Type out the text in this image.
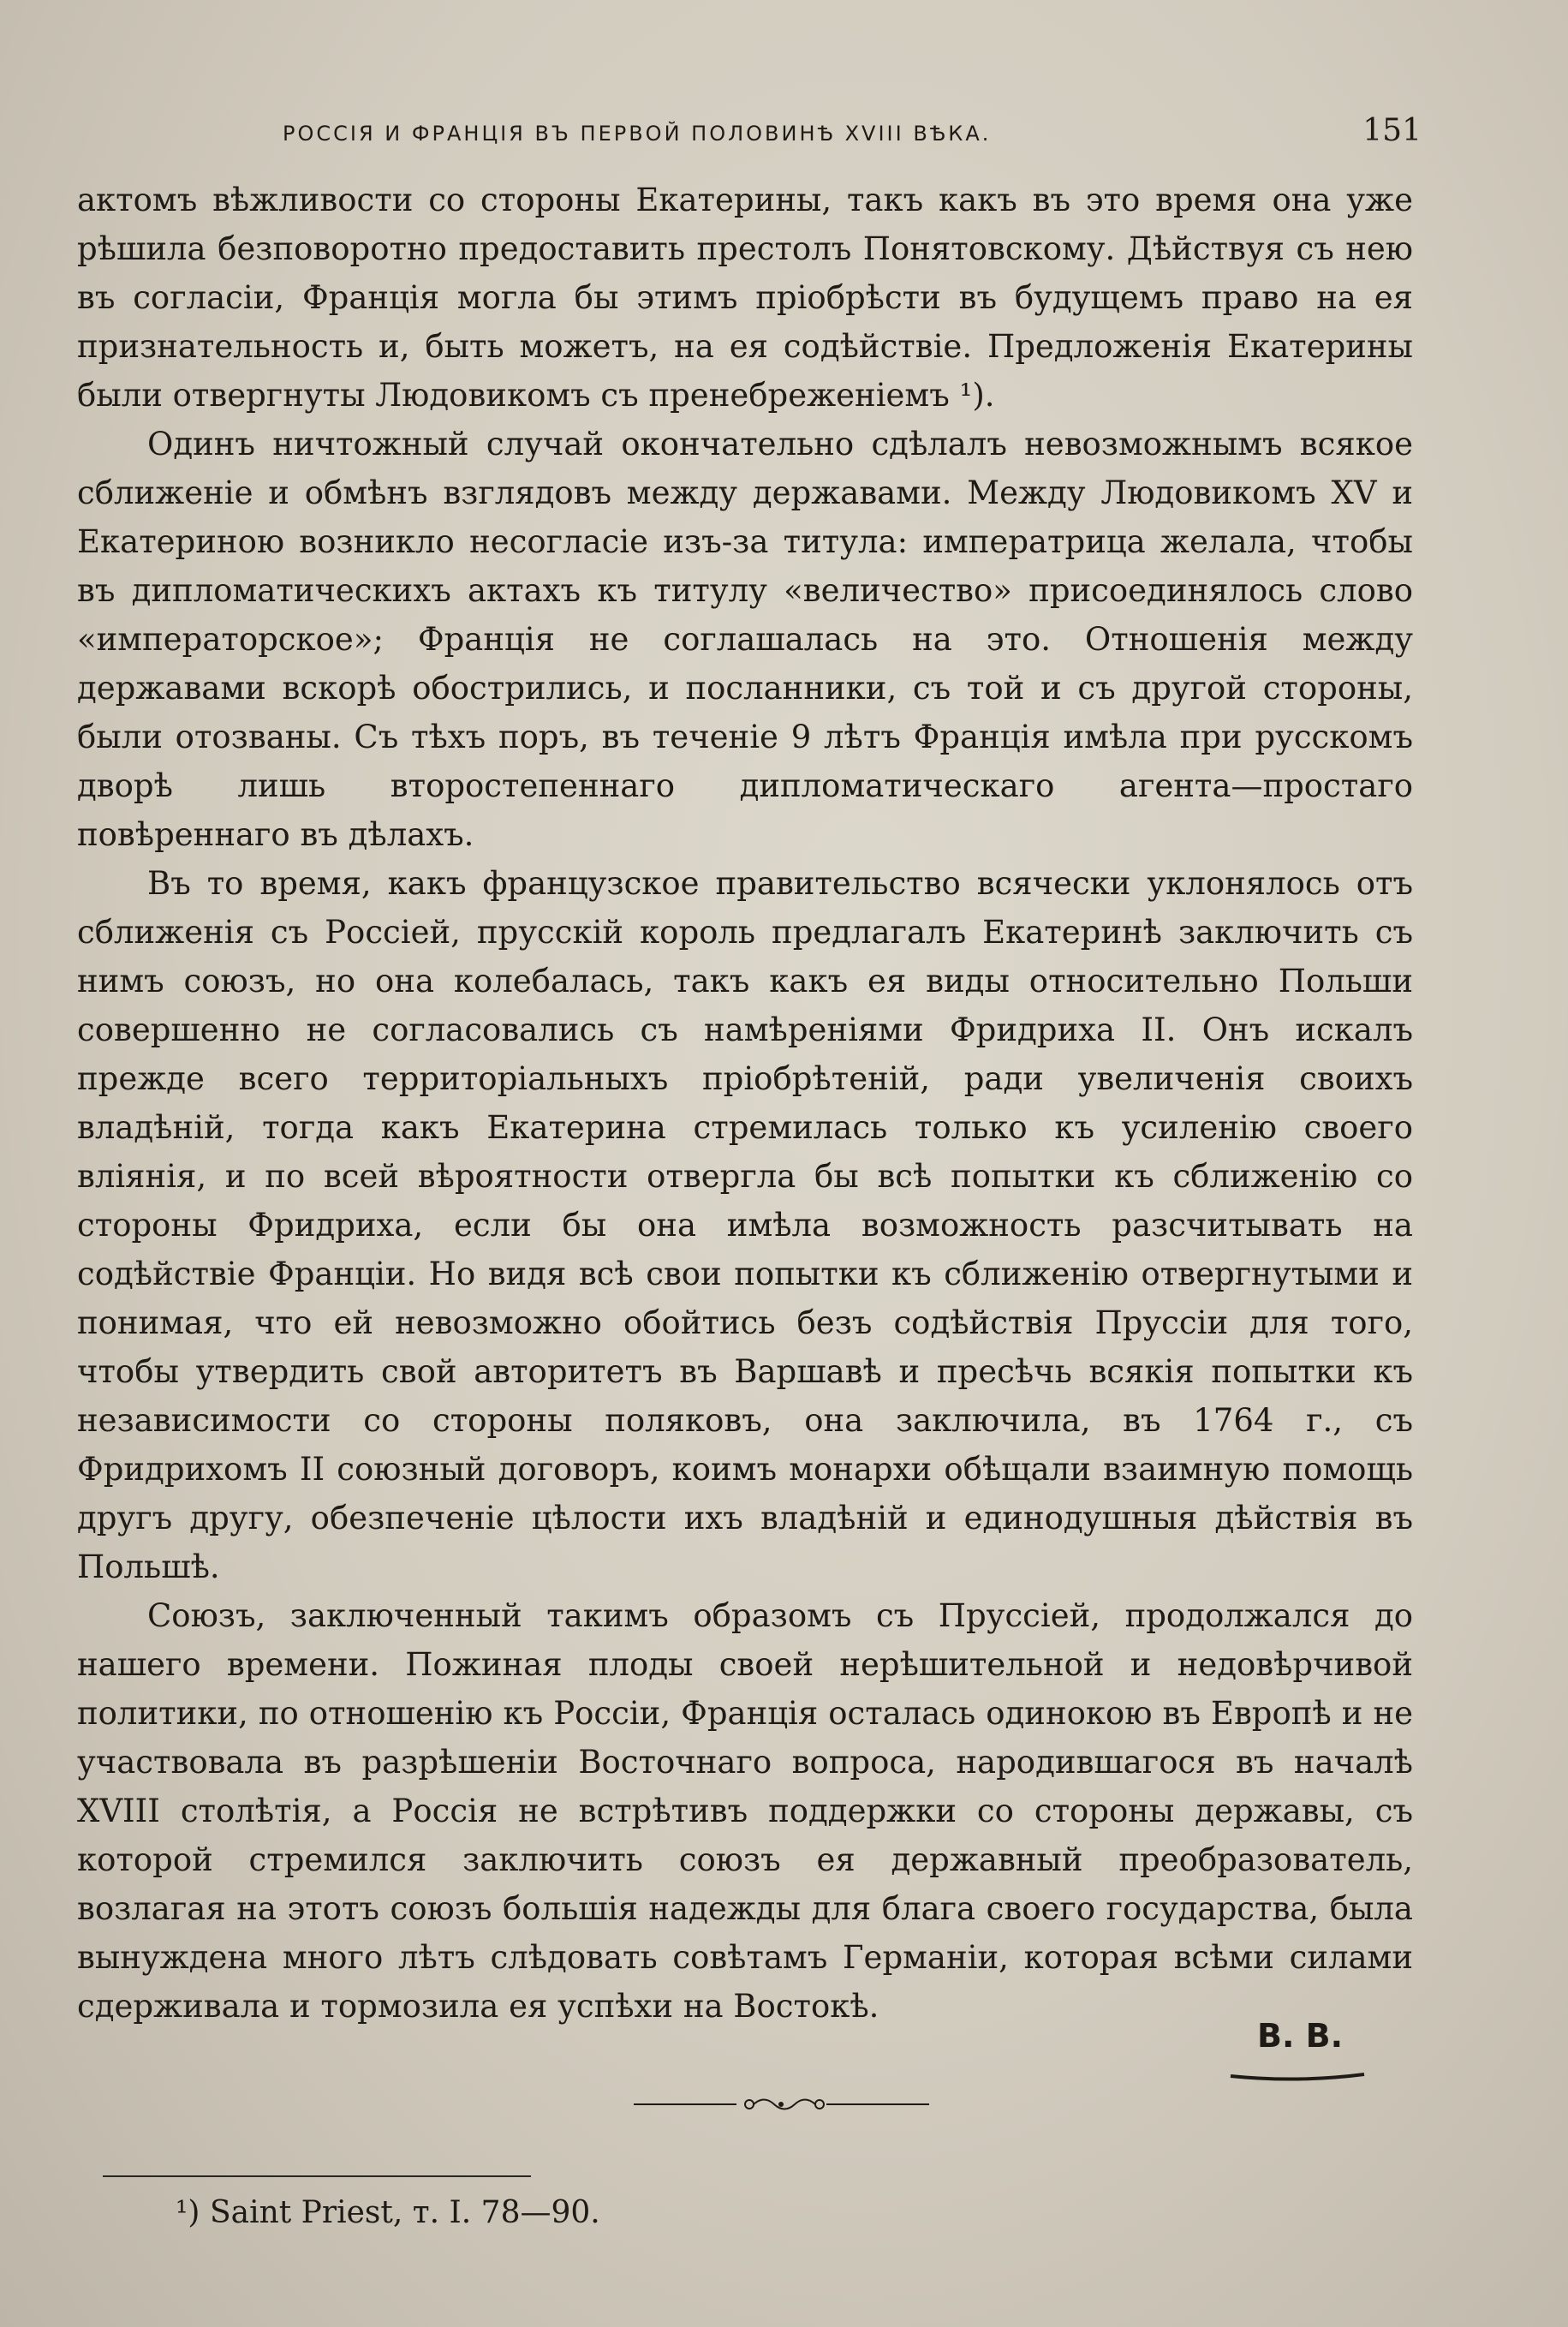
РОССІЯ И ФРАНЦІЯ ВЪ ПЕРВОЙ ПОЛОВИНѢ XVIII ВѢКА.	151

актомъ вѣжливости со стороны Екатерины, такъ какъ въ это время она уже рѣшила безповоротно предоставить престолъ Понятовскому. Дѣйствуя съ нею въ согласіи, Францiя могла бы этимъ пріобрѣсти въ будущемъ право на ея признательность и, быть можетъ, на ея содѣйствіе. Предложенія Екатерины были отвергнуты Людовикомъ съ пренебреженіемъ ¹).

Одинъ ничтожный случай окончательно сдѣлалъ невозможнымъ всякое сближеніе и обмѣнъ взглядовъ между державами. Между Людовикомъ XV и Екатериною возникло несогласіе изъ-за титула: императрица желала, чтобы въ дипломатическихъ актахъ къ титулу «величество» присоединялось слово «императорское»; Францiя не соглашалась на это. Отношенія между державами вскорѣ обострились, и посланники, съ той и съ другой стороны, были отозваны. Съ тѣхъ поръ, въ теченіе 9 лѣтъ Францiя имѣла при русскомъ дворѣ лишь второстепеннаго дипломатическаго агента—простаго повѣреннаго въ дѣлахъ.

Въ то время, какъ французское правительство всячески уклонялось отъ сближенія съ Россіей, прусскій король предлагалъ Екатеринѣ заключить съ нимъ союзъ, но она колебалась, такъ какъ ея виды относительно Польши совершенно не согласовались съ намѣреніями Фридриха II. Онъ искалъ прежде всего территоріальныхъ пріобрѣтеній, ради увеличенія своихъ владѣній, тогда какъ Екатерина стремилась только къ усиленію своего вліянія, и по всей вѣроятности отвергла бы всѣ попытки къ сближенію со стороны Фридриха, если бы она имѣла возможность разсчитывать на содѣйствіе Франціи. Но видя всѣ свои попытки къ сближенію отвергнутыми и понимая, что ей невозможно обойтись безъ содѣйствія Пруссіи для того, чтобы утвердить свой авторитетъ въ Варшавѣ и пресѣчь всякія попытки къ независимости со стороны поляковъ, она заключила, въ 1764 г., съ Фридрихомъ II союзный договоръ, коимъ монархи обѣщали взаимную помощь другъ другу, обезпеченіе цѣлости ихъ владѣній и единодушныя дѣйствія въ Польшѣ.

Союзъ, заключенный такимъ образомъ съ Пруссіей, продолжался до нашего времени. Пожиная плоды своей нерѣшительной и недовѣрчивой политики, по отношенію къ Россіи, Францiя осталась одинокою въ Европѣ и не участвовала въ разрѣшеніи Восточнаго вопроса, народившагося въ началѣ XVIII столѣтія, а Россія не встрѣтивъ поддержки со стороны державы, съ которой стремился заключить союзъ ея державный преобразователь, возлагая на этотъ союзъ большія надежды для блага своего государства, была вынуждена много лѣтъ слѣдовать совѣтамъ Германіи, которая всѣми силами сдерживала и тормозила ея успѣхи на Востокѣ.

В. В.
¹) Saint Priest, т. I. 78—90.
